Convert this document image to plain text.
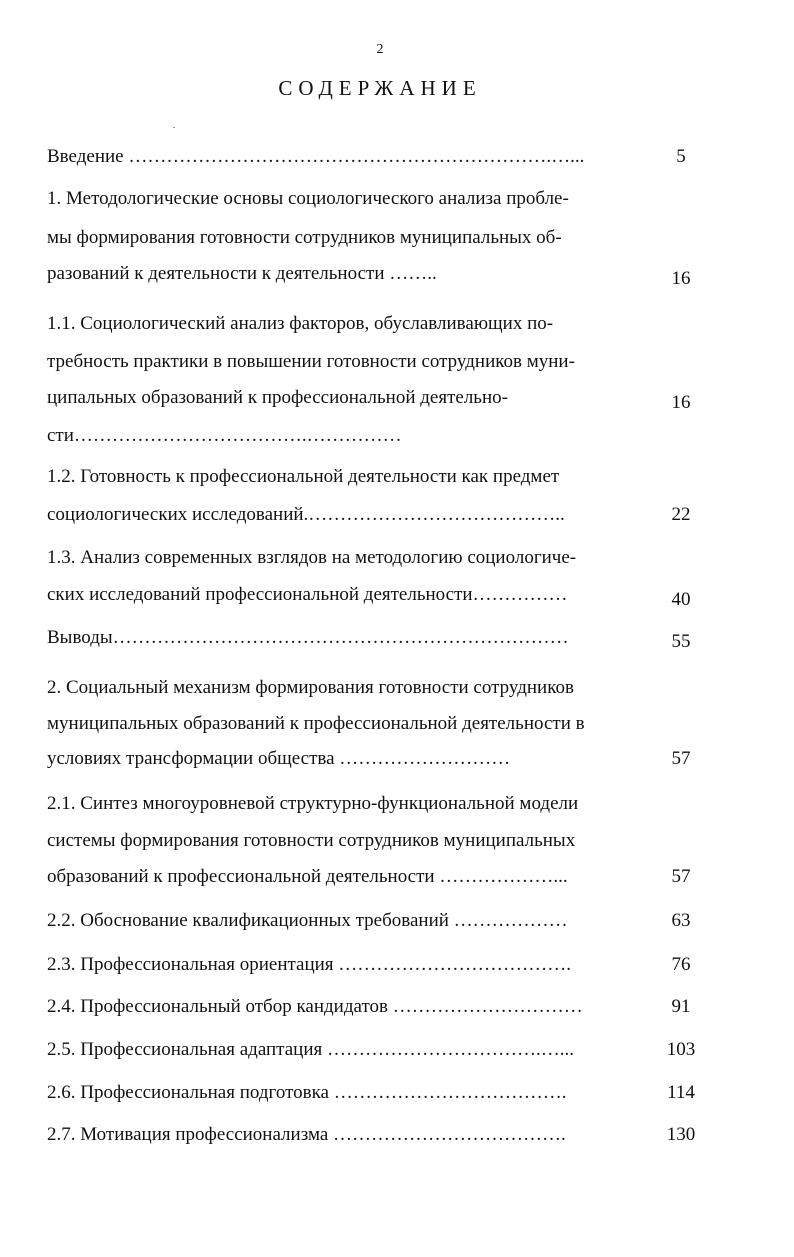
2
СОДЕРЖАНИЕ
Введение ………………………………………………………….…...	5
1. Методологические основы социологического анализа пробле-
мы формирования готовности сотрудников муниципальных об-
разований к деятельности к деятельности ……..	16
1.1. Социологический анализ факторов, обуславливающих по-
требность практики в повышении готовности сотрудников муни-
ципальных образований к профессиональной деятельно-	16
сти……………………………….……………
1.2. Готовность к профессиональной деятельности как предмет
социологических исследований.…………………………………..	22
1.3. Анализ современных взглядов на методологию социологиче-
ских исследований профессиональной деятельности……………	40
Выводы………………………………………………………………	55
2. Социальный механизм формирования готовности сотрудников
муниципальных образований к профессиональной деятельности в
условиях трансформации общества ………………………	57
2.1. Синтез многоуровневой структурно-функциональной модели
системы формирования готовности сотрудников муниципальных
образований к профессиональной деятельности ………………...	57
2.2. Обоснование квалификационных требований ………………	63
2.3. Профессиональная ориентация ……………………………….	76
2.4. Профессиональный отбор кандидатов …………………………	91
2.5. Профессиональная адаптация …………………………….…...	103
2.6. Профессиональная подготовка ……………………………….	114
2.7. Мотивация профессионализма ……………………………….	130
